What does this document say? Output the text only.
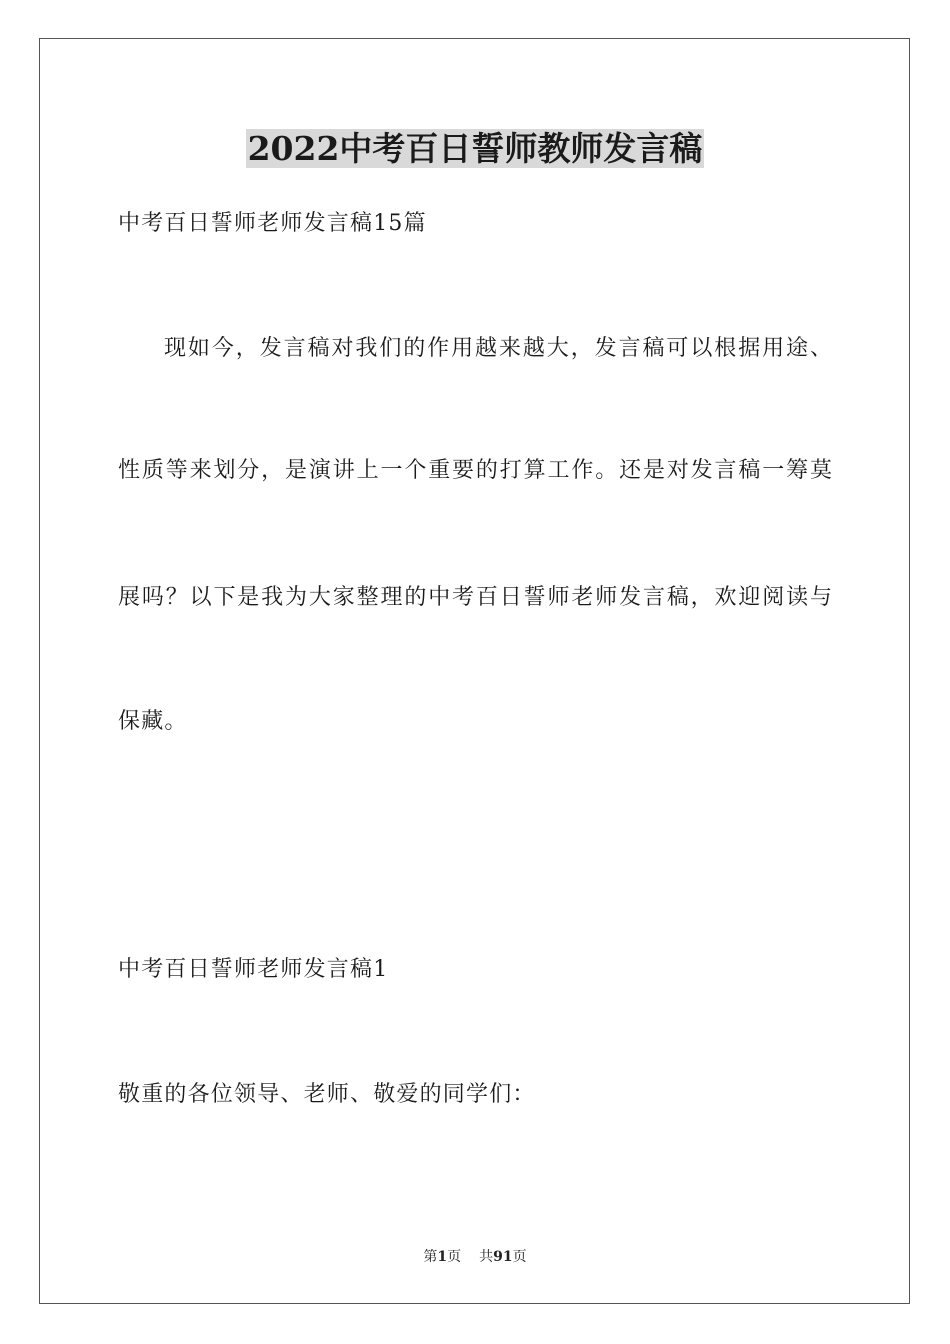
2022中考百日誓师教师发言稿
中考百日誓师老师发言稿15篇
现如今，发言稿对我们的作用越来越大，发言稿可以根据用途、
性质等来划分，是演讲上一个重要的打算工作。还是对发言稿一筹莫
展吗？以下是我为大家整理的中考百日誓师老师发言稿，欢迎阅读与
保藏。
中考百日誓师老师发言稿1
敬重的各位领导、老师、敬爱的同学们：
第1页 共91页
